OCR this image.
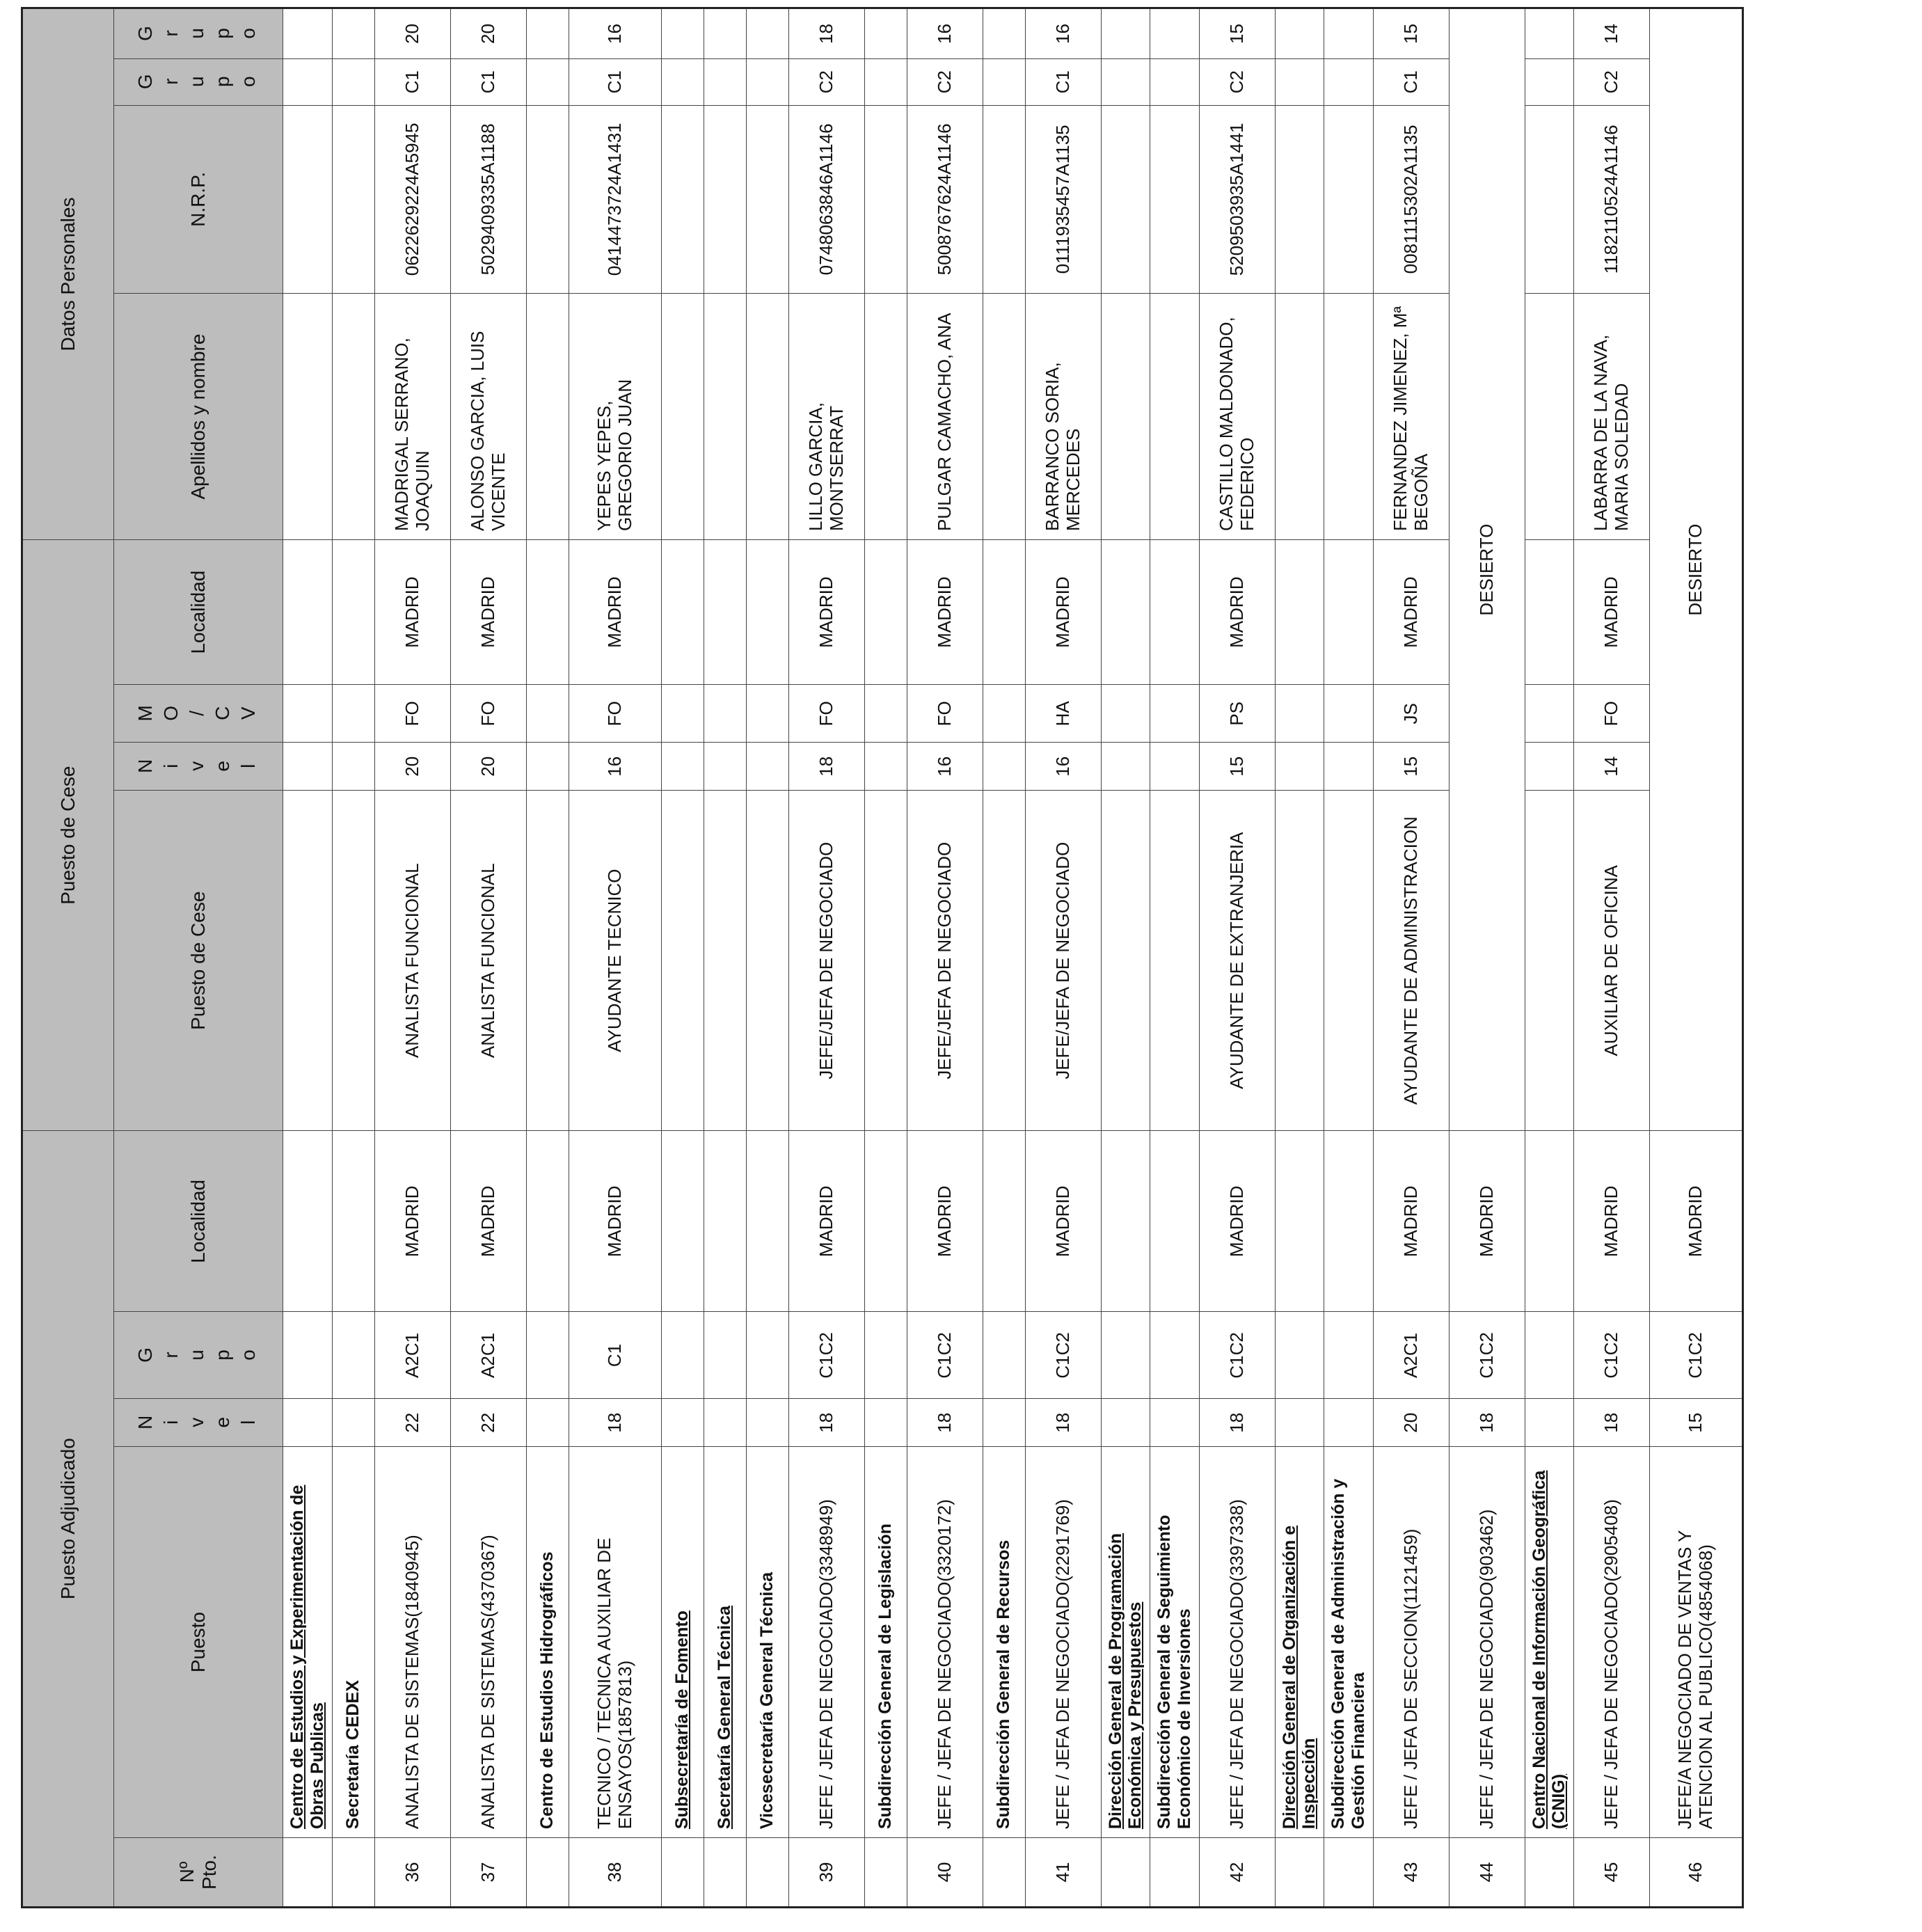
Puesto Adjudicado					Puesto de Cese				Datos Personales			
Nº Pto.	Puesto	Nivel	Grupo	Localidad	Puesto de Cese	Nivel	MO/CV	Localidad	Apellidos y nombre	N.R.P.	Grupo	Grupo
	Centro de Estudios y Experimentación de Obras Publicas											
	Secretaría CEDEX											
36	ANALISTA DE SISTEMAS(1840945)	22	A2C1	MADRID	ANALISTA FUNCIONAL	20	FO	MADRID	MADRIGAL SERRANO, JOAQUIN	0622629224A5945	C1	20
37	ANALISTA DE SISTEMAS(4370367)	22	A2C1	MADRID	ANALISTA FUNCIONAL	20	FO	MADRID	ALONSO GARCIA, LUIS VICENTE	5029409335A1188	C1	20
	Centro de Estudios Hidrográficos											
38	TECNICO / TECNICA AUXILIAR DE ENSAYOS(1857813)	18	C1	MADRID	AYUDANTE TECNICO	16	FO	MADRID	YEPES YEPES, GREGORIO JUAN	0414473724A1431	C1	16
	Subsecretaría de Fomento											
	Secretaría General Técnica											
	Vicesecretaría General Técnica											
39	JEFE / JEFA DE NEGOCIADO(3348949)	18	C1C2	MADRID	JEFE/JEFA DE NEGOCIADO	18	FO	MADRID	LILLO GARCIA, MONTSERRAT	0748063846A1146	C2	18
	Subdirección General de Legislación											
40	JEFE / JEFA DE NEGOCIADO(3320172)	18	C1C2	MADRID	JEFE/JEFA DE NEGOCIADO	16	FO	MADRID	PULGAR CAMACHO, ANA	5008767624A1146	C2	16
	Subdirección General de Recursos											
41	JEFE / JEFA DE NEGOCIADO(2291769)	18	C1C2	MADRID	JEFE/JEFA DE NEGOCIADO	16	HA	MADRID	BARRANCO SORIA, MERCEDES	0111935457A1135	C1	16
	Dirección General de Programación Económica y Presupuestos											
	Subdirección General de Seguimiento Económico de Inversiones											
42	JEFE / JEFA DE NEGOCIADO(3397338)	18	C1C2	MADRID	AYUDANTE DE EXTRANJERIA	15	PS	MADRID	CASTILLO MALDONADO, FEDERICO	5209503935A1441	C2	15
	Dirección General de Organización e Inspección											
	Subdirección General de Administración y Gestión Financiera											
43	JEFE / JEFA DE SECCION(1121459)	20	A2C1	MADRID	AYUDANTE DE ADMINISTRACION	15	JS	MADRID	FERNANDEZ JIMENEZ, Mª BEGOÑA	0081115302A1135	C1	15
44	JEFE / JEFA DE NEGOCIADO(903462)	18	C1C2	MADRID	DESIERTO							
	Centro Nacional de Información Geográfica (CNIG)											
45	JEFE / JEFA DE NEGOCIADO(2905408)	18	C1C2	MADRID	AUXILIAR DE OFICINA	14	FO	MADRID	LABARRA DE LA NAVA, MARIA SOLEDAD	1182110524A1146	C2	14
46	JEFE/A NEGOCIADO DE VENTAS Y ATENCION AL PUBLICO(4854068)	15	C1C2	MADRID	DESIERTO							
